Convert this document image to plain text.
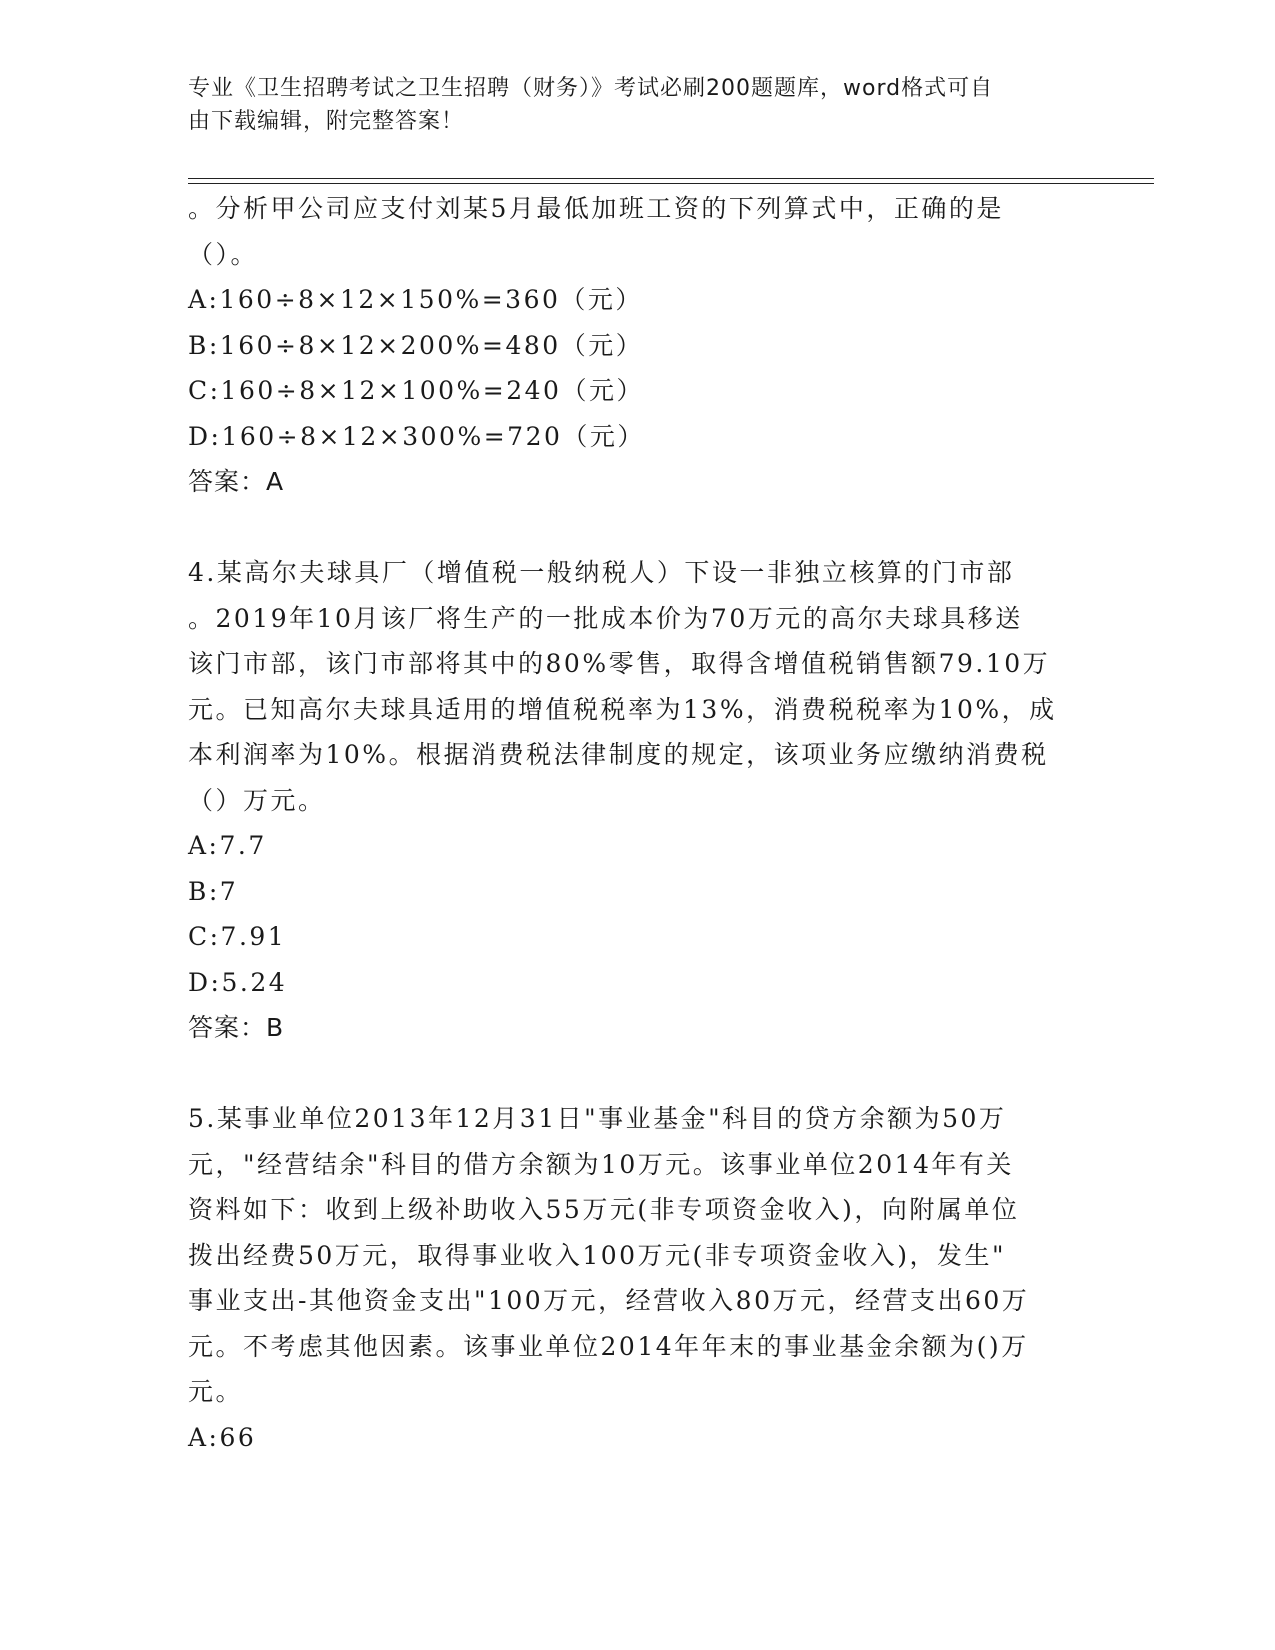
专业《卫生招聘考试之卫生招聘（财务）》考试必刷200题题库，word格式可自
由下载编辑，附完整答案！
。分析甲公司应支付刘某5月最低加班工资的下列算式中，正确的是
（）。
A:160÷8×12×150%=360（元）
B:160÷8×12×200%=480（元）
C:160÷8×12×100%=240（元）
D:160÷8×12×300%=720（元）
答案：A
4.某高尔夫球具厂（增值税一般纳税人）下设一非独立核算的门市部
。2019年10月该厂将生产的一批成本价为70万元的高尔夫球具移送
该门市部，该门市部将其中的80%零售，取得含增值税销售额79.10万
元。已知高尔夫球具适用的增值税税率为13%，消费税税率为10%，成
本利润率为10%。根据消费税法律制度的规定，该项业务应缴纳消费税
（）万元。
A:7.7
B:7
C:7.91
D:5.24
答案：B
5.某事业单位2013年12月31日"事业基金"科目的贷方余额为50万
元，"经营结余"科目的借方余额为10万元。该事业单位2014年有关
资料如下：收到上级补助收入55万元(非专项资金收入)，向附属单位
拨出经费50万元，取得事业收入100万元(非专项资金收入)，发生"
事业支出-其他资金支出"100万元，经营收入80万元，经营支出60万
元。不考虑其他因素。该事业单位2014年年末的事业基金余额为()万
元。
A:66
